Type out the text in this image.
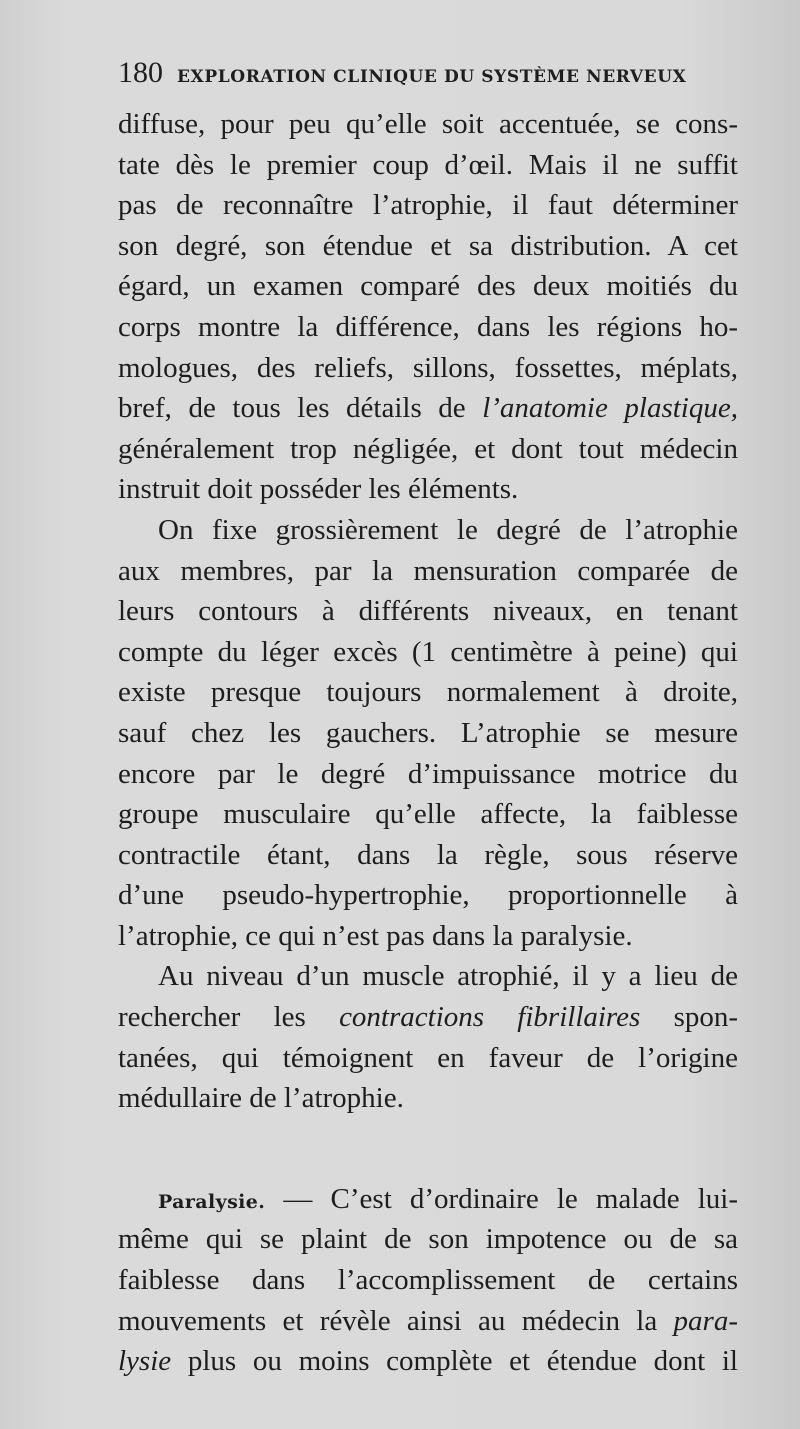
180 EXPLORATION CLINIQUE DU SYSTÈME NERVEUX
diffuse, pour peu qu’elle soit accentuée, se cons-
tate dès le premier coup d’œil. Mais il ne suffit
pas de reconnaître l’atrophie, il faut déterminer
son degré, son étendue et sa distribution. A cet
égard, un examen comparé des deux moitiés du
corps montre la différence, dans les régions ho-
mologues, des reliefs, sillons, fossettes, méplats,
bref, de tous les détails de l’anatomie plastique,
généralement trop négligée, et dont tout médecin
instruit doit posséder les éléments.
On fixe grossièrement le degré de l’atrophie
aux membres, par la mensuration comparée de
leurs contours à différents niveaux, en tenant
compte du léger excès (1 centimètre à peine) qui
existe presque toujours normalement à droite,
sauf chez les gauchers. L’atrophie se mesure
encore par le degré d’impuissance motrice du
groupe musculaire qu’elle affecte, la faiblesse
contractile étant, dans la règle, sous réserve
d’une pseudo-hypertrophie, proportionnelle à
l’atrophie, ce qui n’est pas dans la paralysie.
Au niveau d’un muscle atrophié, il y a lieu de
rechercher les contractions fibrillaires spon-
tanées, qui témoignent en faveur de l’origine
médullaire de l’atrophie.
Paralysie. — C’est d’ordinaire le malade lui-
même qui se plaint de son impotence ou de sa
faiblesse dans l’accomplissement de certains
mouvements et révèle ainsi au médecin la para-
lysie plus ou moins complète et étendue dont il
